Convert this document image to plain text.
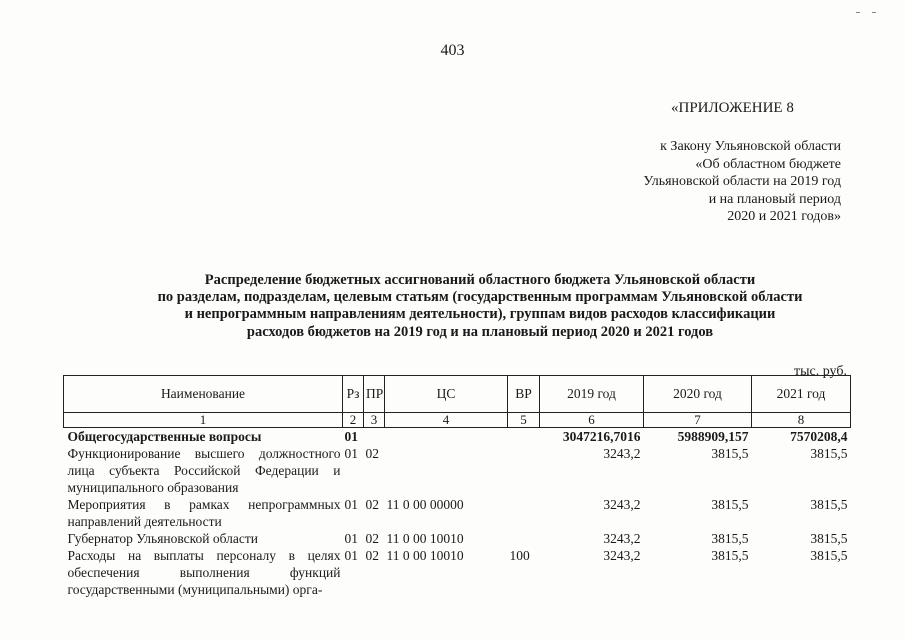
403
«ПРИЛОЖЕНИЕ 8
к Закону Ульяновской области
«Об областном бюджете
Ульяновской области на 2019 год
и на плановый период
2020 и 2021 годов»
Распределение бюджетных ассигнований областного бюджета Ульяновской области
по разделам, подразделам, целевым статьям (государственным программам Ульяновской области
и непрограммным направлениям деятельности), группам видов расходов классификации
расходов бюджетов на 2019 год и на плановый период 2020 и 2021 годов
тыс. руб.
Наименование	Рз	ПР	ЦС	ВР	2019 год	2020 год	2021 год
1	2	3	4	5	6	7	8
Общегосударственные вопросы	01				3047216,7016	5988909,157	7570208,4
Функционирование высшего должностного лица субъекта Российской Федерации и муниципального образования	01	02			3243,2	3815,5	3815,5
Мероприятия в рамках непрограммных направлений деятельности	01	02	11 0 00 00000		3243,2	3815,5	3815,5
Губернатор Ульяновской области	01	02	11 0 00 10010		3243,2	3815,5	3815,5
Расходы на выплаты персоналу в целях обеспечения выполнения функций государственными (муниципальными) орга-	01	02	11 0 00 10010	100	3243,2	3815,5	3815,5
